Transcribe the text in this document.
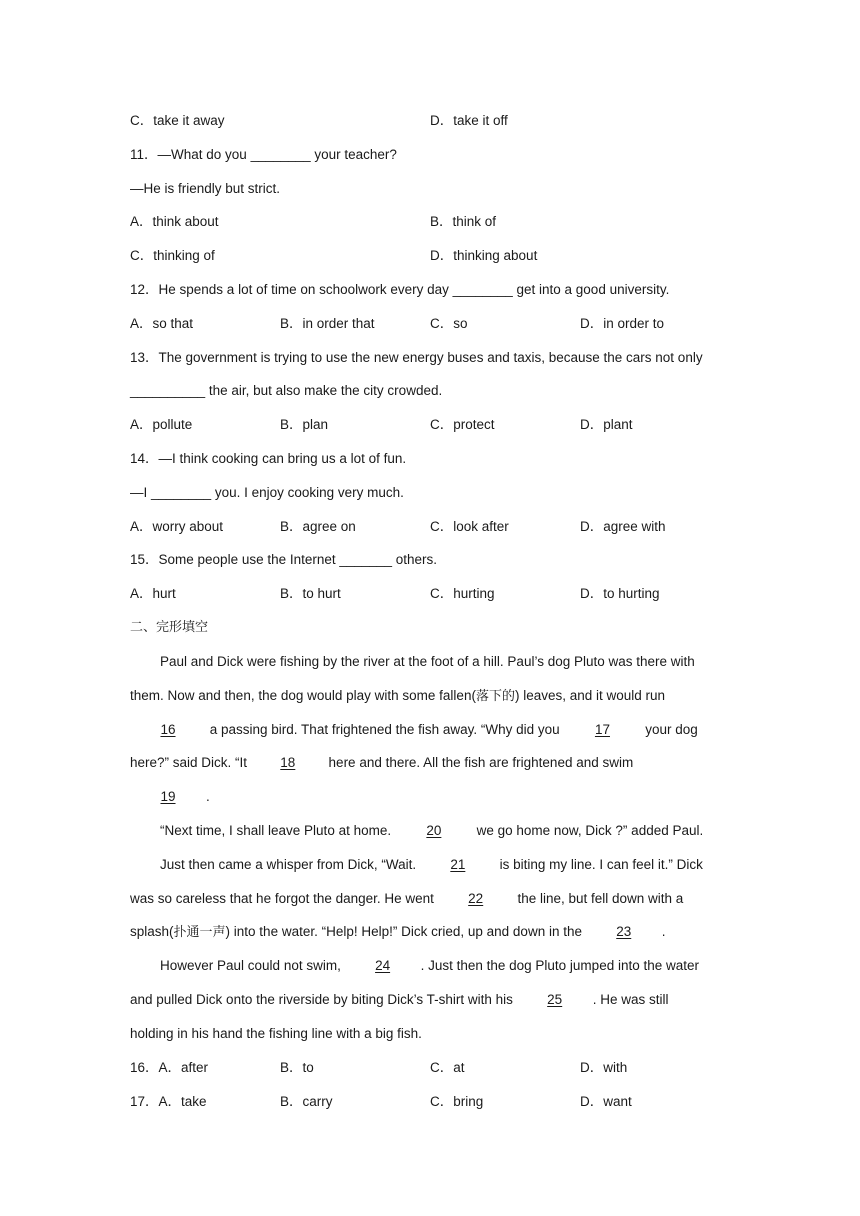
C．take it away	D．take it off
11．—What do you ________ your teacher?
—He is friendly but strict.
A．think about	B．think of
C．thinking of	D．thinking about
12．He spends a lot of time on schoolwork every day ________ get into a good university.
A．so that	B．in order that	C．so	D．in order to
13．The government is trying to use the new energy buses and taxis, because the cars not only
__________ the air, but also make the city crowded.
A．pollute	B．plan	C．protect	D．plant
14．—I think cooking can bring us a lot of fun.
—I ________ you. I enjoy cooking very much.
A．worry about	B．agree on	C．look after	D．agree with
15．Some people use the Internet _______ others.
A．hurt	B．to hurt	C．hurting	D．to hurting
二、完形填空
Paul and Dick were fishing by the river at the foot of a hill. Paul’s dog Pluto was there with
them. Now and then, the dog would play with some fallen(落下的) leaves, and it would run
16 a passing bird. That frightened the fish away. “Why did you 17 your dog
here?” said Dick. “It 18 here and there. All the fish are frightened and swim
19 .
“Next time, I shall leave Pluto at home. 20 we go home now, Dick ?” added Paul.
Just then came a whisper from Dick, “Wait. 21 is biting my line. I can feel it.” Dick
was so careless that he forgot the danger. He went 22 the line, but fell down with a
splash(扑通一声) into the water. “Help! Help!” Dick cried, up and down in the 23 .
However Paul could not swim, 24 . Just then the dog Pluto jumped into the water
and pulled Dick onto the riverside by biting Dick’s T-shirt with his 25 . He was still
holding in his hand the fishing line with a big fish.
16．A．after	B．to	C．at	D．with
17．A．take	B．carry	C．bring	D．want
